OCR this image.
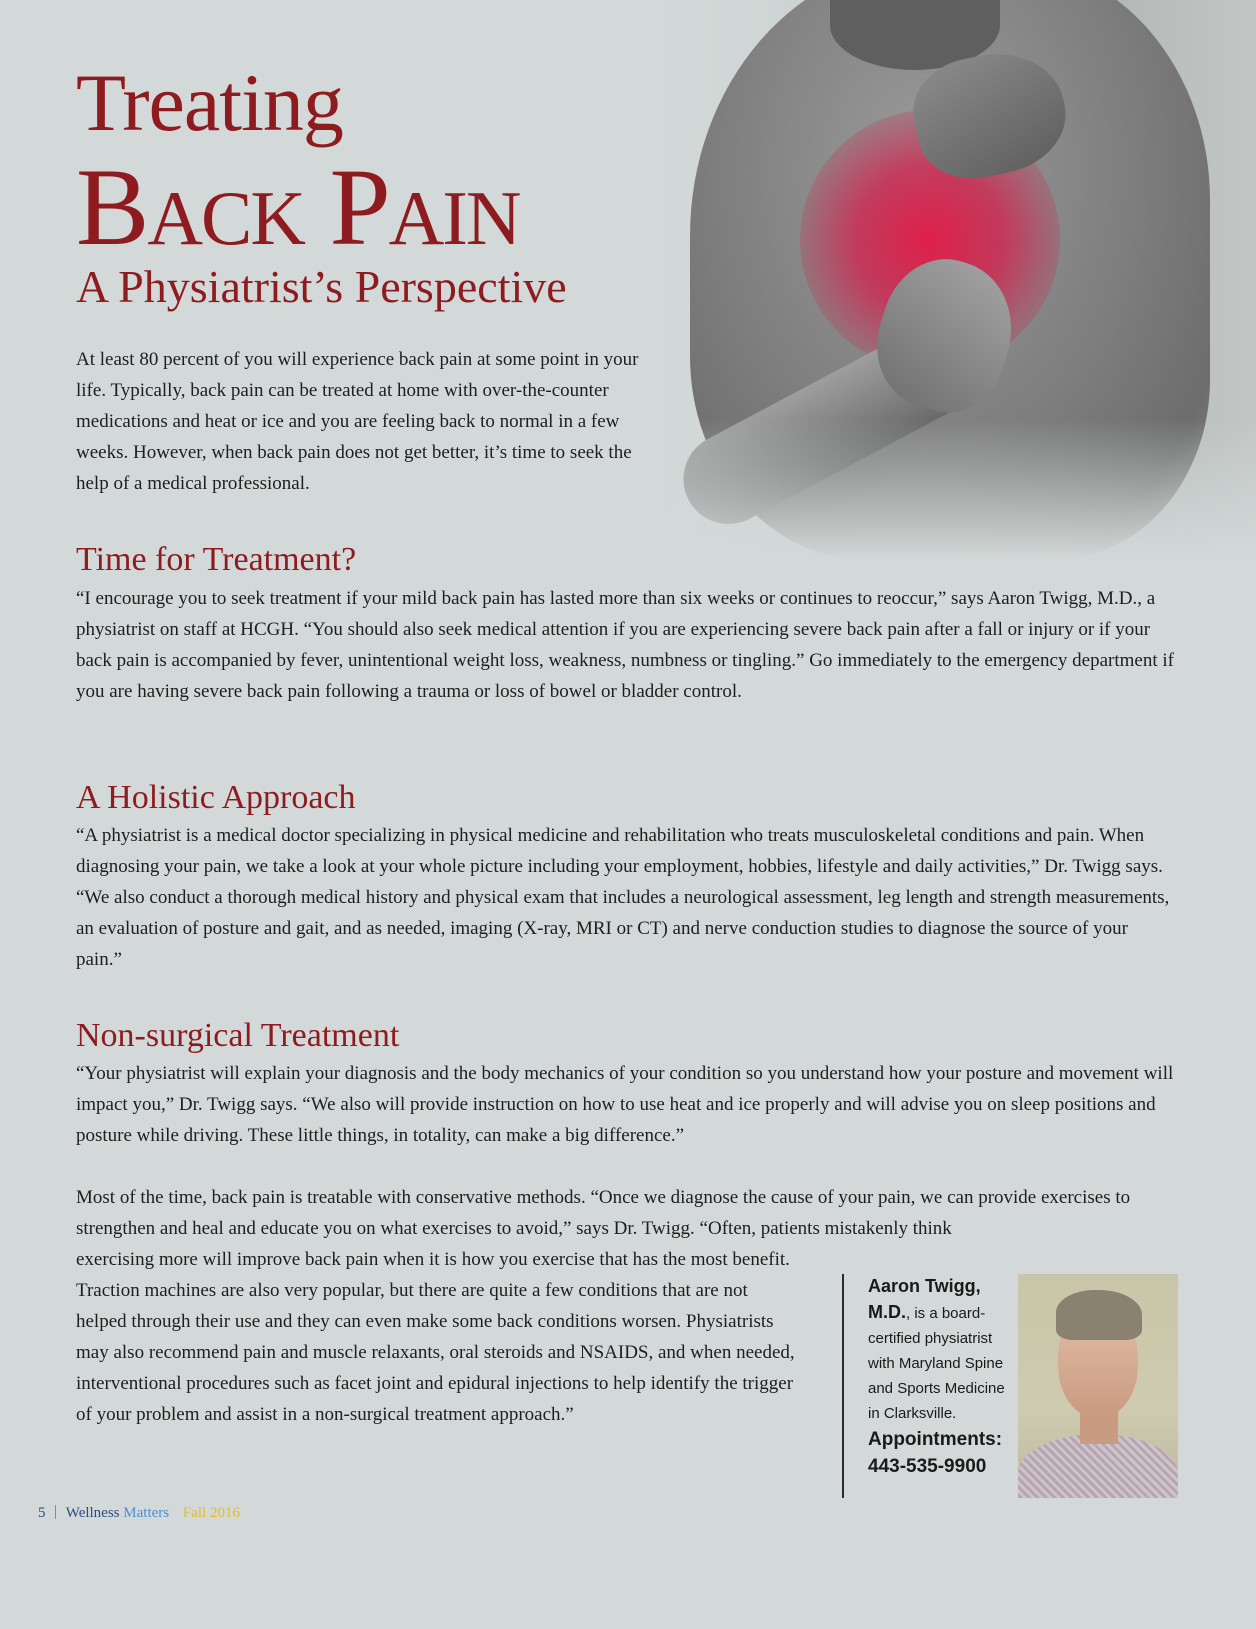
Treating
Back Pain
A Physiatrist’s Perspective

At least 80 percent of you will experience back pain at some point in your life. Typically, back pain can be treated at home with over-the-counter medications and heat or ice and you are feeling back to normal in a few weeks. However, when back pain does not get better, it’s time to seek the help of a medical professional.

Time for Treatment?

“I encourage you to seek treatment if your mild back pain has lasted more than six weeks or continues to reoccur,” says Aaron Twigg, M.D., a physiatrist on staff at HCGH. “You should also seek medical attention if you are experiencing severe back pain after a fall or injury or if your back pain is accompanied by fever, unintentional weight loss, weakness, numbness or tingling.” Go immediately to the emergency department if you are having severe back pain following a trauma or loss of bowel or bladder control.

A Holistic Approach

“A physiatrist is a medical doctor specializing in physical medicine and rehabilitation who treats musculoskeletal conditions and pain. When diagnosing your pain, we take a look at your whole picture including your employment, hobbies, lifestyle and daily activities,” Dr. Twigg says. “We also conduct a thorough medical history and physical exam that includes a neurological assessment, leg length and strength measurements, an evaluation of posture and gait, and as needed, imaging (X-ray, MRI or CT) and nerve conduction studies to diagnose the source of your pain.”

Non-surgical Treatment

“Your physiatrist will explain your diagnosis and the body mechanics of your condition so you understand how your posture and movement will impact you,” Dr. Twigg says. “We also will provide instruction on how to use heat and ice properly and will advise you on sleep positions and posture while driving. These little things, in totality, can make a big difference.”

Most of the time, back pain is treatable with conservative methods. “Once we diagnose the cause of your pain, we can provide exercises to strengthen and heal and educate you on what exercises to avoid,” says Dr. Twigg. “Often, patients mistakenly think

exercising more will improve back pain when it is how you exercise that has the most benefit. Traction machines are also very popular, but there are quite a few conditions that are not helped through their use and they can even make some back conditions worsen. Physiatrists may also recommend pain and muscle relaxants, oral steroids and NSAIDS, and when needed, interventional procedures such as facet joint and epidural injections to help identify the trigger of your problem and assist in a non-surgical treatment approach.”

Aaron Twigg, M.D., is a board-certified physiatrist with Maryland Spine and Sports Medicine in Clarksville.
Appointments:
443-535-9900
5 Wellness Matters Fall 2016
